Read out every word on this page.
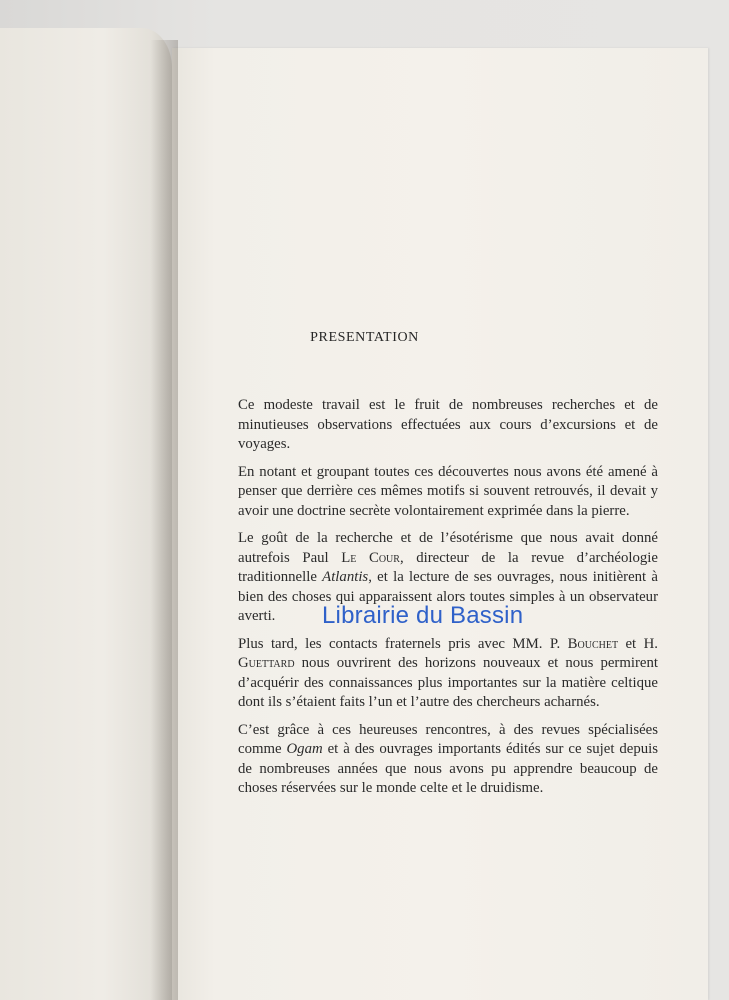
PRESENTATION

Ce modeste travail est le fruit de nombreuses recherches et de minutieuses observations effectuées aux cours d’excursions et de voyages.

En notant et groupant toutes ces découvertes nous avons été amené à penser que derrière ces mêmes motifs si souvent retrouvés, il devait y avoir une doctrine secrète volontairement exprimée dans la pierre.

Le goût de la recherche et de l’ésotérisme que nous avait donné autrefois Paul Le Cour, directeur de la revue d’archéologie traditionnelle Atlantis, et la lecture de ses ouvrages, nous initièrent à bien des choses qui apparaissent alors toutes simples à un observateur averti.

Plus tard, les contacts fraternels pris avec MM. P. Bouchet et H. Guettard nous ouvrirent des horizons nouveaux et nous permirent d’acquérir des connaissances plus importantes sur la matière celtique dont ils s’étaient faits l’un et l’autre des chercheurs acharnés.

C’est grâce à ces heureuses rencontres, à des revues spécialisées comme Ogam et à des ouvrages importants édités sur ce sujet depuis de nombreuses années que nous avons pu apprendre beaucoup de choses réservées sur le monde celte et le druidisme.

Librairie du Bassin
